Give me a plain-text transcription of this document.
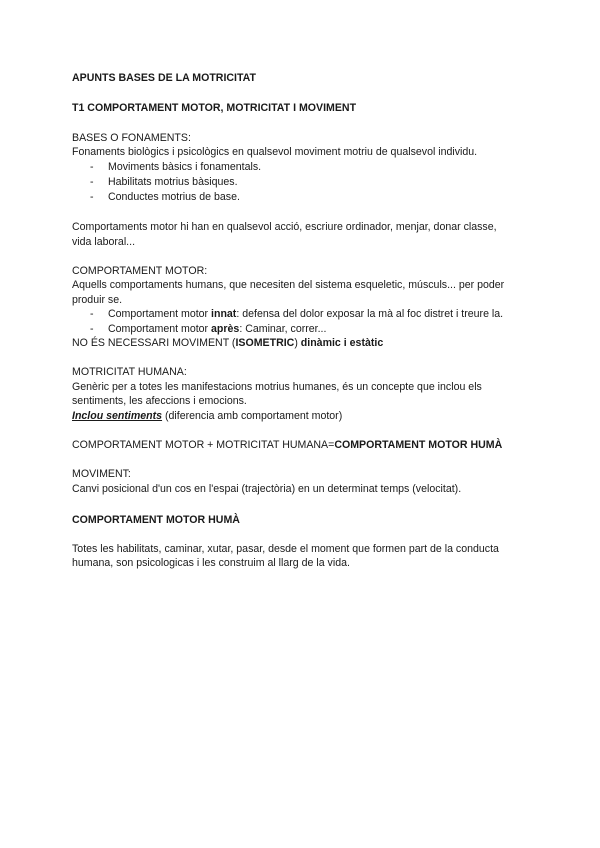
APUNTS BASES DE LA MOTRICITAT
T1 COMPORTAMENT MOTOR, MOTRICITAT I MOVIMENT
BASES O FONAMENTS:
Fonaments biològics i psicològics en qualsevol moviment motriu de qualsevol individu.
- Moviments bàsics i fonamentals.
- Habilitats motrius bàsiques.
- Conductes motrius de base.
Comportaments motor hi han en qualsevol acció, escriure ordinador, menjar, donar classe,
vida laboral...
COMPORTAMENT MOTOR:
Aquells comportaments humans, que necesiten del sistema esqueletic, músculs... per poder
produir se.
- Comportament motor innat: defensa del dolor exposar la mà al foc distret i treure la.
- Comportament motor après: Caminar, correr...
NO ÉS NECESSARI MOVIMENT (ISOMETRIC) dinàmic i estàtic
MOTRICITAT HUMANA:
Genèric per a totes les manifestacions motrius humanes, és un concepte que inclou els
sentiments, les afeccions i emocions.
Inclou sentiments (diferencia amb comportament motor)
COMPORTAMENT MOTOR + MOTRICITAT HUMANA=COMPORTAMENT MOTOR HUMÀ
MOVIMENT:
Canvi posicional d'un cos en l'espai (trajectòria) en un determinat temps (velocitat).
COMPORTAMENT MOTOR HUMÀ
Totes les habilitats, caminar, xutar, pasar, desde el moment que formen part de la conducta
humana, son psicologicas i les construim al llarg de la vida.
